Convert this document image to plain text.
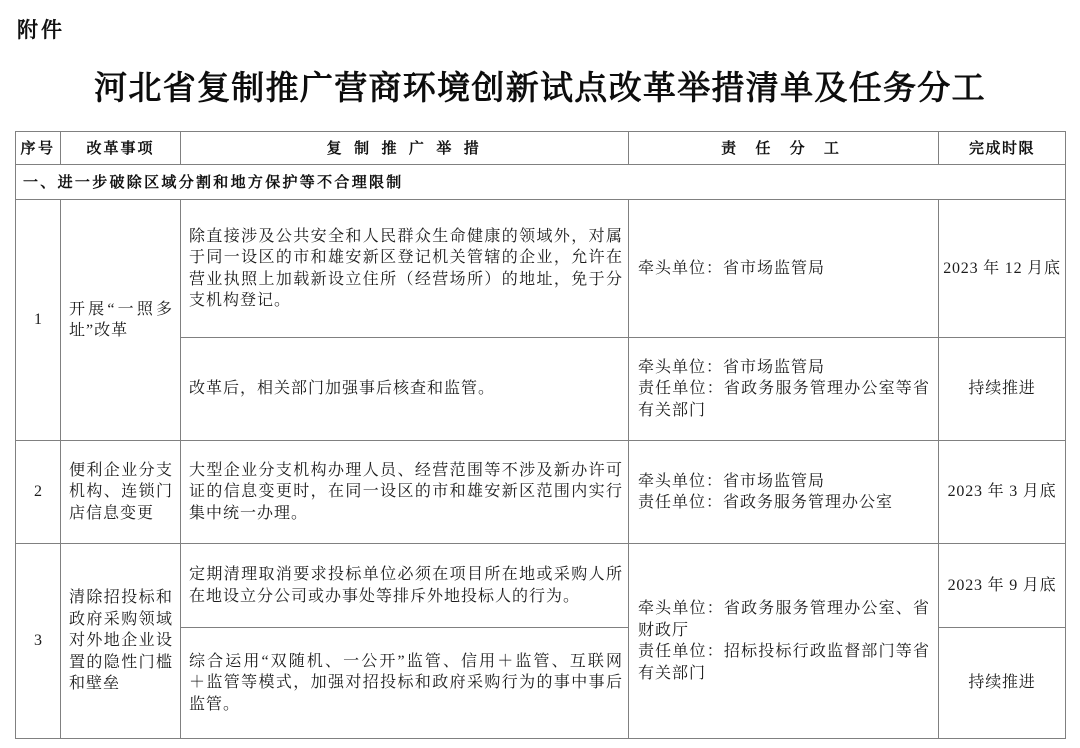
附件
河北省复制推广营商环境创新试点改革举措清单及任务分工
序号	改革事项	复 制 推 广 举 措	责 任 分 工	完成时限
一、进一步破除区域分割和地方保护等不合理限制				
1	开展“一照多
址”改革	除直接涉及公共安全和人民群众生命健康的领域外，对属
于同一设区的市和雄安新区登记机关管辖的企业，允许在
营业执照上加载新设立住所（经营场所）的地址，免于分
支机构登记。	牵头单位：省市场监管局	2023 年 12 月底

		改革后，相关部门加强事后核查和监管。	牵头单位：省市场监管局
责任单位：省政务服务管理办公室等省
有关部门	持续推进
2	便利企业分支
机构、连锁门
店信息变更	大型企业分支机构办理人员、经营范围等不涉及新办许可
证的信息变更时，在同一设区的市和雄安新区范围内实行
集中统一办理。	牵头单位：省市场监管局
责任单位：省政务服务管理办公室	2023 年 3 月底
3	清除招投标和
政府采购领域
对外地企业设
置的隐性门槛
和壁垒	定期清理取消要求投标单位必须在项目所在地或采购人所
在地设立分公司或办事处等排斥外地投标人的行为。	牵头单位：省政务服务管理办公室、省
财政厅
责任单位：招标投标行政监督部门等省
有关部门	2023 年 9 月底

		综合运用“双随机、一公开”监管、信用＋监管、互联网
＋监管等模式，加强对招投标和政府采购行为的事中事后
监管。		持续推进
